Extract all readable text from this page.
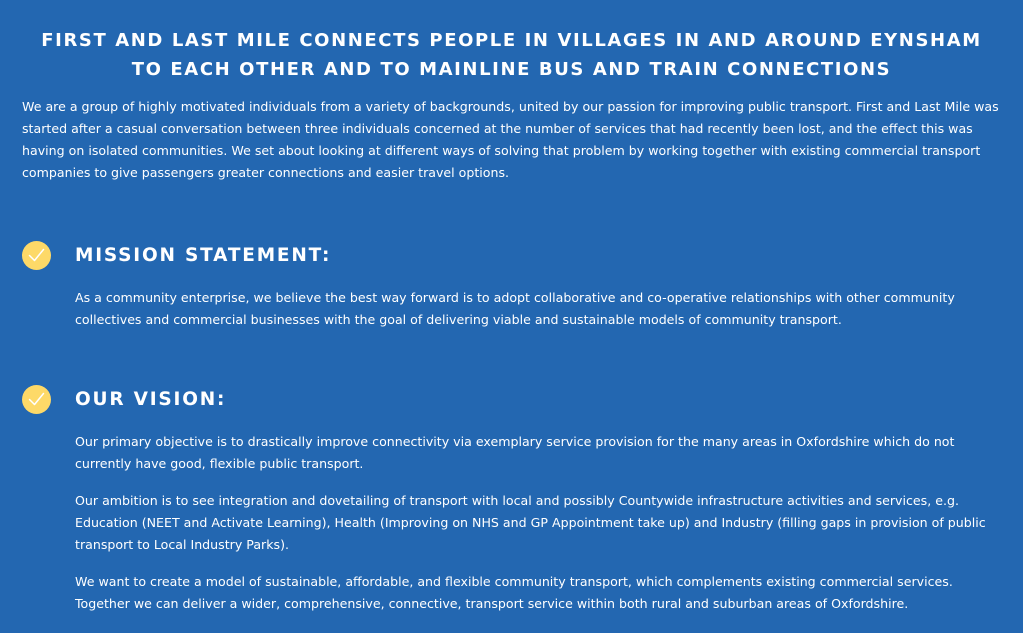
FIRST AND LAST MILE CONNECTS PEOPLE IN VILLAGES IN AND AROUND EYNSHAM TO EACH OTHER AND TO MAINLINE BUS AND TRAIN CONNECTIONS

We are a group of highly motivated individuals from a variety of backgrounds, united by our passion for improving public transport. First and Last Mile was started after a casual conversation between three individuals concerned at the number of services that had recently been lost, and the effect this was having on isolated communities. We set about looking at different ways of solving that problem by working together with existing commercial transport companies to give passengers greater connections and easier travel options.

MISSION STATEMENT:

As a community enterprise, we believe the best way forward is to adopt collaborative and co-operative relationships with other community collectives and commercial businesses with the goal of delivering viable and sustainable models of community transport.

OUR VISION:

Our primary objective is to drastically improve connectivity via exemplary service provision for the many areas in Oxfordshire which do not currently have good, flexible public transport.

Our ambition is to see integration and dovetailing of transport with local and possibly Countywide infrastructure activities and services, e.g. Education (NEET and Activate Learning), Health (Improving on NHS and GP Appointment take up) and Industry (filling gaps in provision of public transport to Local Industry Parks).

We want to create a model of sustainable, affordable, and flexible community transport, which complements existing commercial services. Together we can deliver a wider, comprehensive, connective, transport service within both rural and suburban areas of Oxfordshire.
